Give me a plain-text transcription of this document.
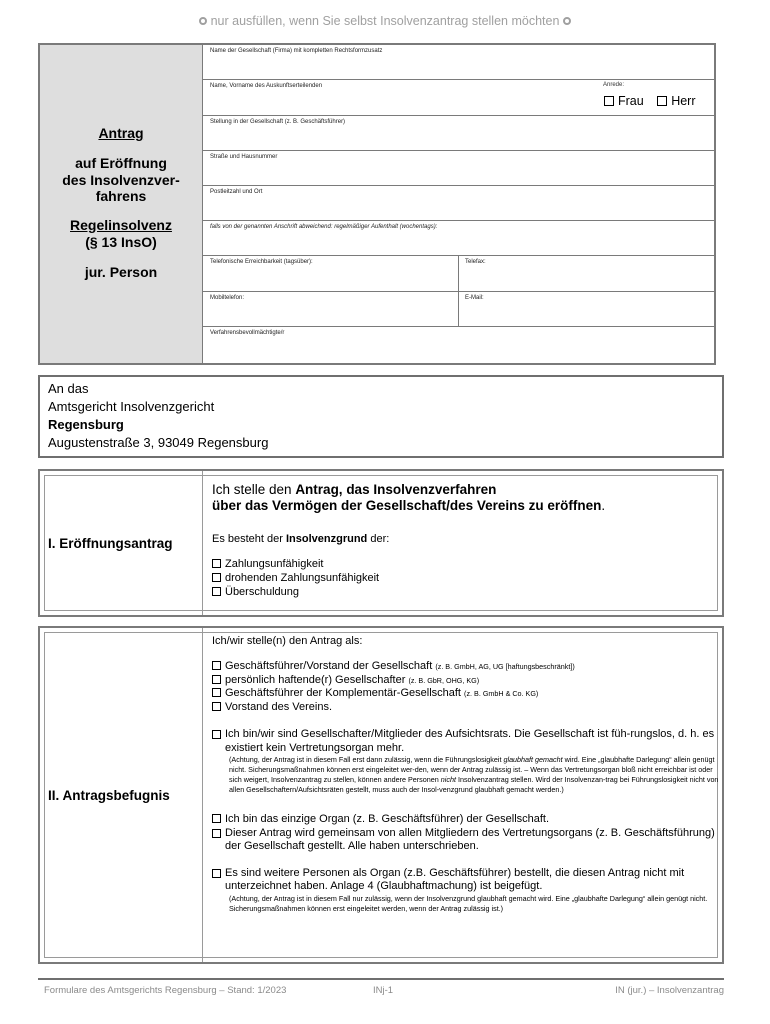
nur ausfüllen, wenn Sie selbst Insolvenzantrag stellen möchten
Antrag
auf Eröffnung
des Insolvenzver-
fahrens
Regelinsolvenz
(§ 13 InsO)
jur. Person
Name der Gesellschaft (Firma) mit kompletten Rechtsformzusatz
Name, Vorname des Auskunftserteilenden	Anrede:
Frau Herr
Stellung in der Gesellschaft (z. B. Geschäftsführer)
Straße und Hausnummer
Postleitzahl und Ort
falls von der genannten Anschrift abweichend: regelmäßiger Aufenthalt (wochentags):
Telefonische Erreichbarkeit (tagsüber):	Telefax:
Mobiltelefon:	E-Mail:
Verfahrensbevollmächtigte/r
An das
Amtsgericht Insolvenzgericht
Regensburg
Augustenstraße 3, 93049 Regensburg
I. Eröffnungsantrag
Ich stelle den Antrag, das Insolvenzverfahren
über das Vermögen der Gesellschaft/des Vereins zu eröffnen.
Es besteht der Insolvenzgrund der:
Zahlungsunfähigkeit
drohenden Zahlungsunfähigkeit
Überschuldung
II. Antragsbefugnis
Ich/wir stelle(n) den Antrag als:
Geschäftsführer/Vorstand der Gesellschaft (z. B. GmbH, AG, UG [haftungsbeschränkt])
persönlich haftende(r) Gesellschafter (z. B. GbR, OHG, KG)
Geschäftsführer der Komplementär-Gesellschaft (z. B. GmbH & Co. KG)
Vorstand des Vereins.
Ich bin/wir sind Gesellschafter/Mitglieder des Aufsichtsrats. Die Gesellschaft ist füh-rungslos, d. h. es existiert kein Vertretungsorgan mehr.
(Achtung, der Antrag ist in diesem Fall erst dann zulässig, wenn die Führungslosigkeit glaubhaft gemacht wird. Eine „glaubhafte Darlegung“ allein genügt nicht. Sicherungsmaßnahmen können erst eingeleitet wer-den, wenn der Antrag zulässig ist. – Wenn das Vertretungsorgan bloß nicht erreichbar ist oder sich weigert, Insolvenzantrag zu stellen, können andere Personen nicht Insolvenzantrag stellen. Wird der Insolvenzan-trag bei Führungslosigkeit nicht von allen Gesellschaftern/Aufsichtsräten gestellt, muss auch der Insol-venzgrund glaubhaft gemacht werden.)
Ich bin das einzige Organ (z. B. Geschäftsführer) der Gesellschaft.
Dieser Antrag wird gemeinsam von allen Mitgliedern des Vertretungsorgans (z. B. Geschäftsführung) der Gesellschaft gestellt. Alle haben unterschrieben.
Es sind weitere Personen als Organ (z.B. Geschäftsführer) bestellt, die diesen Antrag nicht mit unterzeichnet haben. Anlage 4 (Glaubhaftmachung) ist beigefügt.
(Achtung, der Antrag ist in diesem Fall nur zulässig, wenn der Insolvenzgrund glaubhaft gemacht wird. Eine „glaubhafte Darlegung“ allein genügt nicht. Sicherungsmaßnahmen können erst eingeleitet werden, wenn der Antrag zulässig ist.)
Formulare des Amtsgerichts Regensburg – Stand: 1/2023	INj-1	IN (jur.) – Insolvenzantrag
